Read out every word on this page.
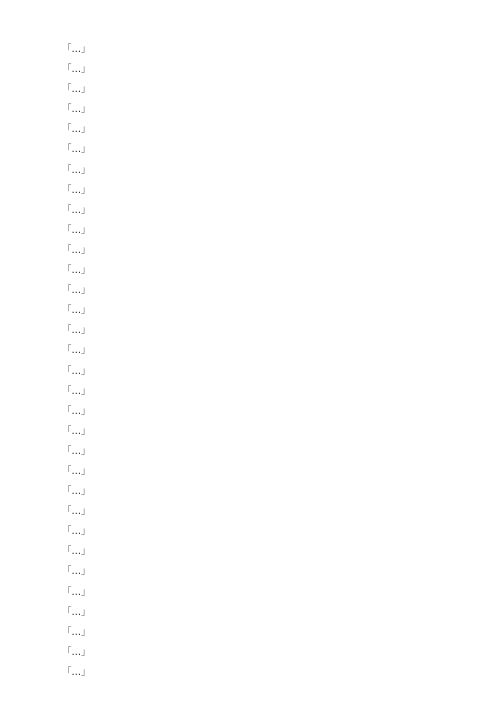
「…」
「…」
「…」
「…」
「…」
「…」
「…」
「…」
「…」
「…」
「…」
「…」
「…」
「…」
「…」
「…」
「…」
「…」
「…」
「…」
「…」
「…」
「…」
「…」
「…」
「…」
「…」
「…」
「…」
「…」
「…」
「…」
